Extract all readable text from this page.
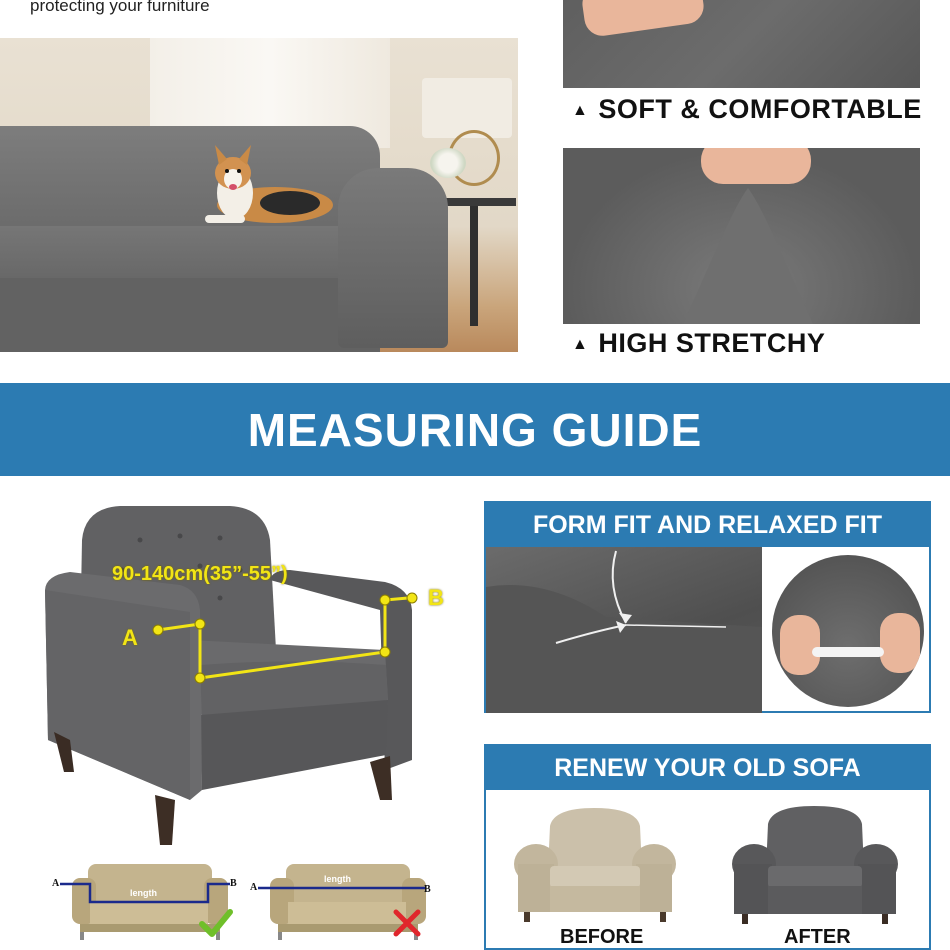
protecting your furniture
▲ SOFT & COMFORTABLE
▲ HIGH STRETCHY
MEASURING GUIDE
90-140cm(35”-55”)
A
B
A	B
length	A	B
length
FORM FIT AND RELAXED FIT
RENEW YOUR OLD SOFA
BEFORE	AFTER
